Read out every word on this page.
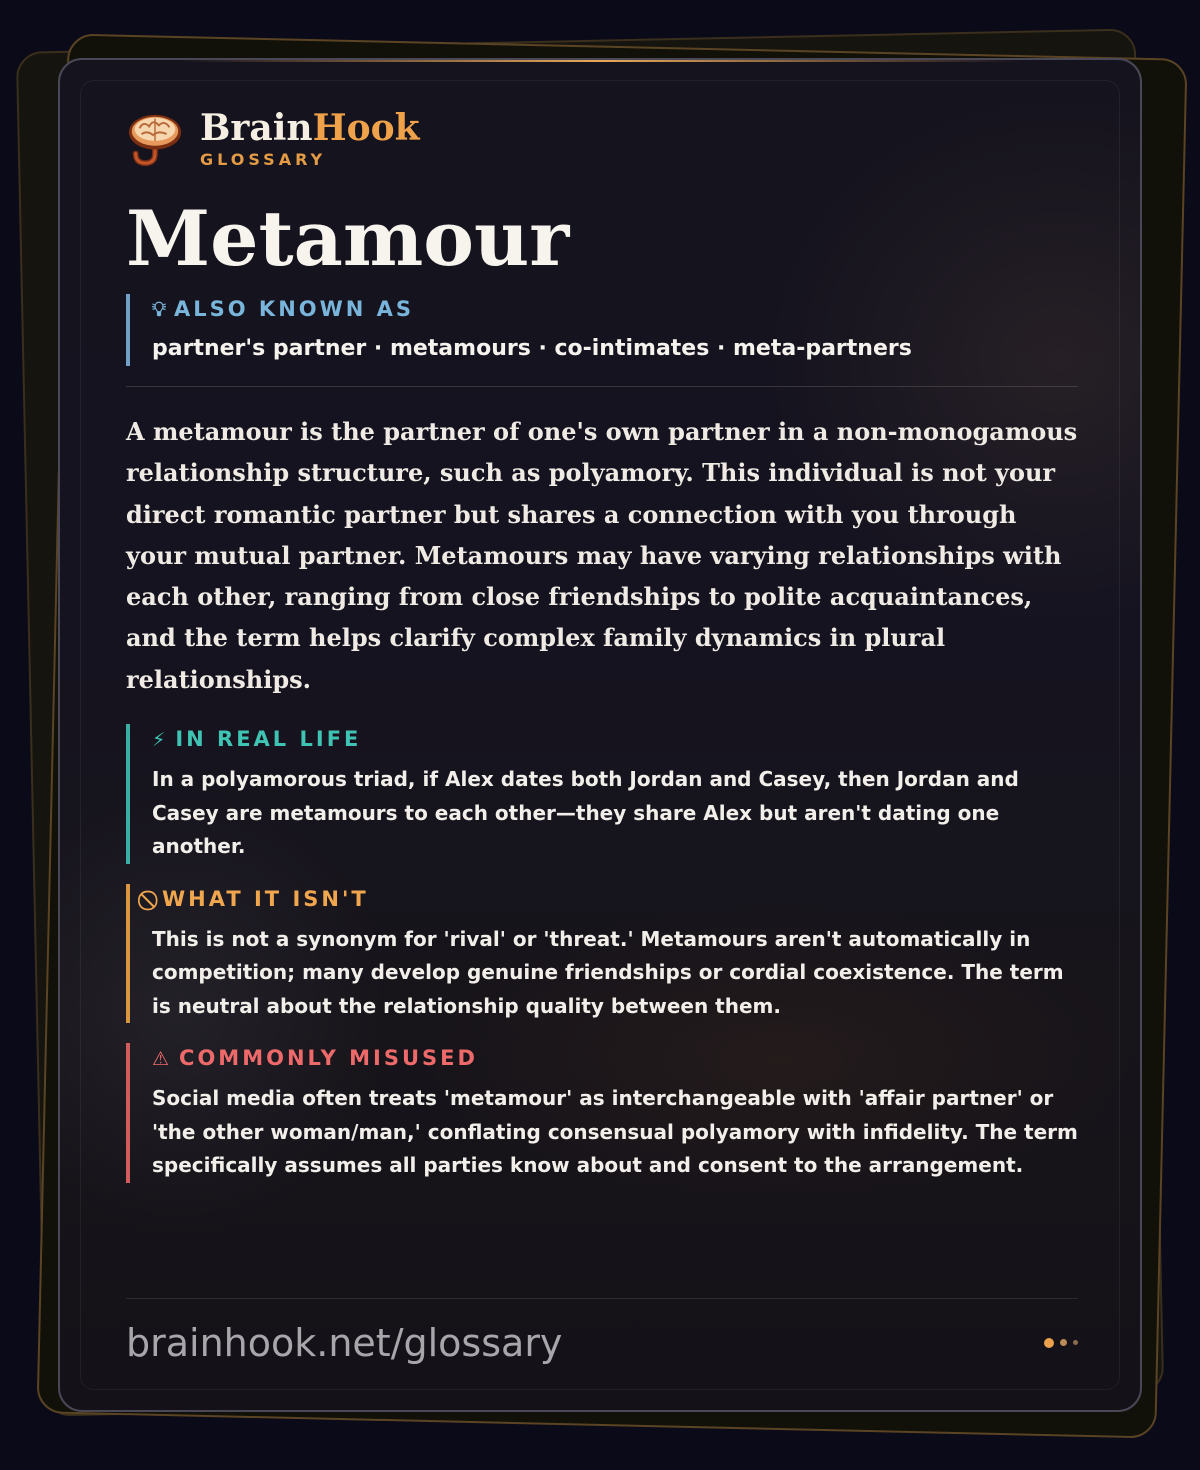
BrainHook
GLOSSARY
Metamour
💡︎ ALSO KNOWN AS
partner's partner · metamours · co-intimates · meta-partners

A metamour is the partner of one's own partner in a non-monogamous relationship structure, such as polyamory. This individual is not your direct romantic partner but shares a connection with you through your mutual partner. Metamours may have varying relationships with each other, ranging from close friendships to polite acquaintances, and the term helps clarify complex family dynamics in plural relationships.

⚡︎ IN REAL LIFE
In a polyamorous triad, if Alex dates both Jordan and Casey, then Jordan and Casey are metamours to each other—they share Alex but aren't dating one another.
WHAT IT ISN'T
This is not a synonym for 'rival' or 'threat.' Metamours aren't automatically in competition; many develop genuine friendships or cordial coexistence. The term is neutral about the relationship quality between them.
⚠ COMMONLY MISUSED
Social media often treats 'metamour' as interchangeable with 'affair partner' or 'the other woman/man,' conflating consensual polyamory with infidelity. The term specifically assumes all parties know about and consent to the arrangement.
brainhook.net/glossary
